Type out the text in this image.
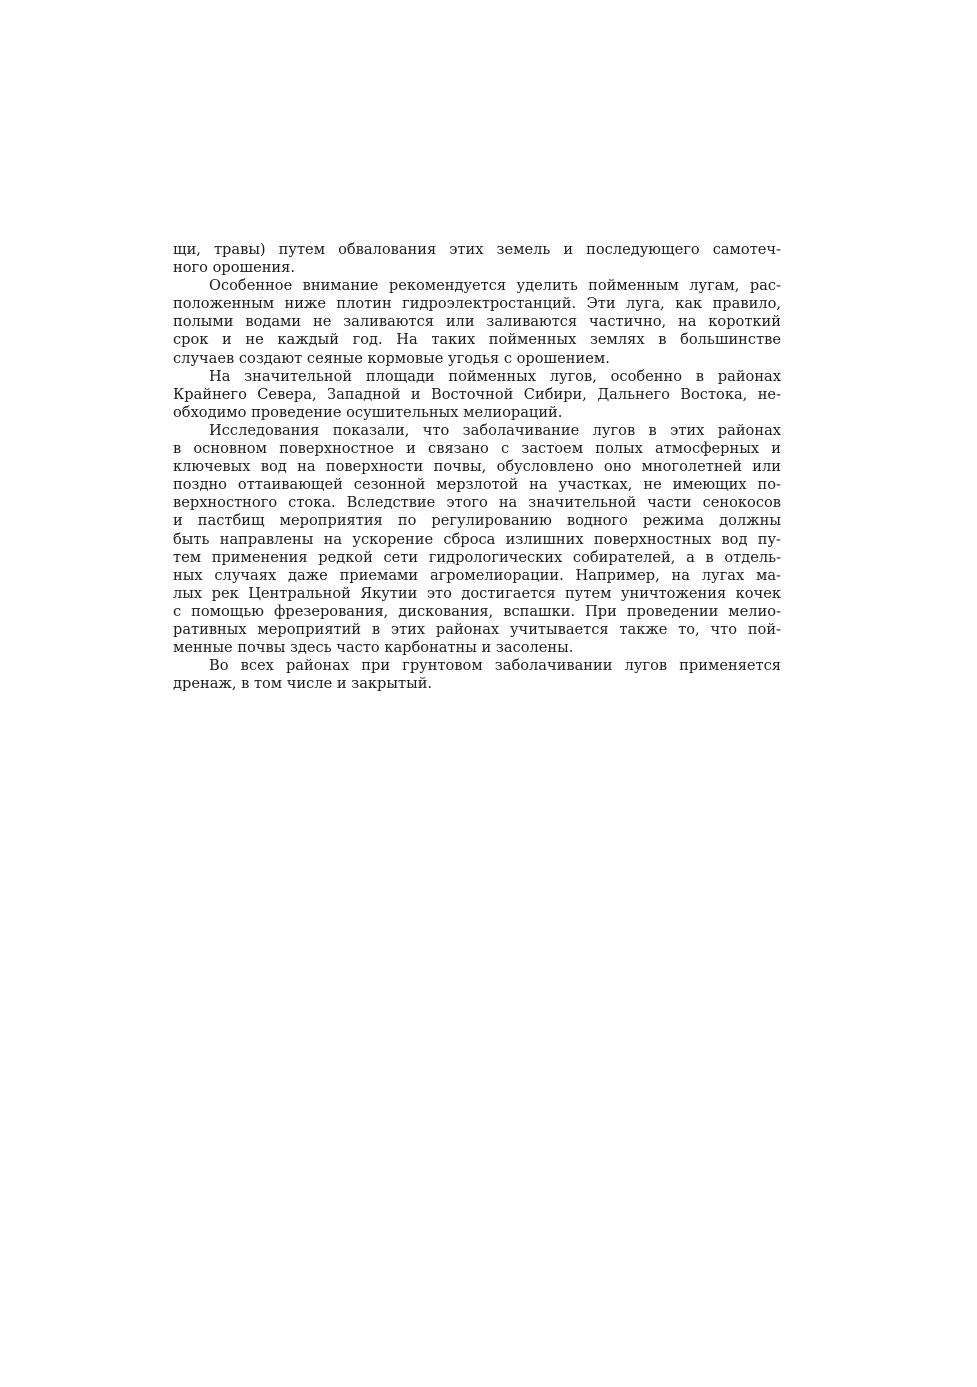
щи, травы) путем обвалования этих земель и последующего самотеч-
ного орошения.
Особенное внимание рекомендуется уделить пойменным лугам, рас-
положенным ниже плотин гидроэлектростанций. Эти луга, как правило,
полыми водами не заливаются или заливаются частично, на короткий
срок и не каждый год. На таких пойменных землях в большинстве
случаев создают сеяные кормовые угодья с орошением.
На значительной площади пойменных лугов, особенно в районах
Крайнего Севера, Западной и Восточной Сибири, Дальнего Востока, не-
обходимо проведение осушительных мелиораций.
Исследования показали, что заболачивание лугов в этих районах
в основном поверхностное и связано с застоем полых атмосферных и
ключевых вод на поверхности почвы, обусловлено оно многолетней или
поздно оттаивающей сезонной мерзлотой на участках, не имеющих по-
верхностного стока. Вследствие этого на значительной части сенокосов
и пастбищ мероприятия по регулированию водного режима должны
быть направлены на ускорение сброса излишних поверхностных вод пу-
тем применения редкой сети гидрологических собирателей, а в отдель-
ных случаях даже приемами агромелиорации. Например, на лугах ма-
лых рек Центральной Якутии это достигается путем уничтожения кочек
с помощью фрезерования, дискования, вспашки. При проведении мелио-
ративных мероприятий в этих районах учитывается также то, что пой-
менные почвы здесь часто карбонатны и засолены.
Во всех районах при грунтовом заболачивании лугов применяется
дренаж, в том числе и закрытый.
